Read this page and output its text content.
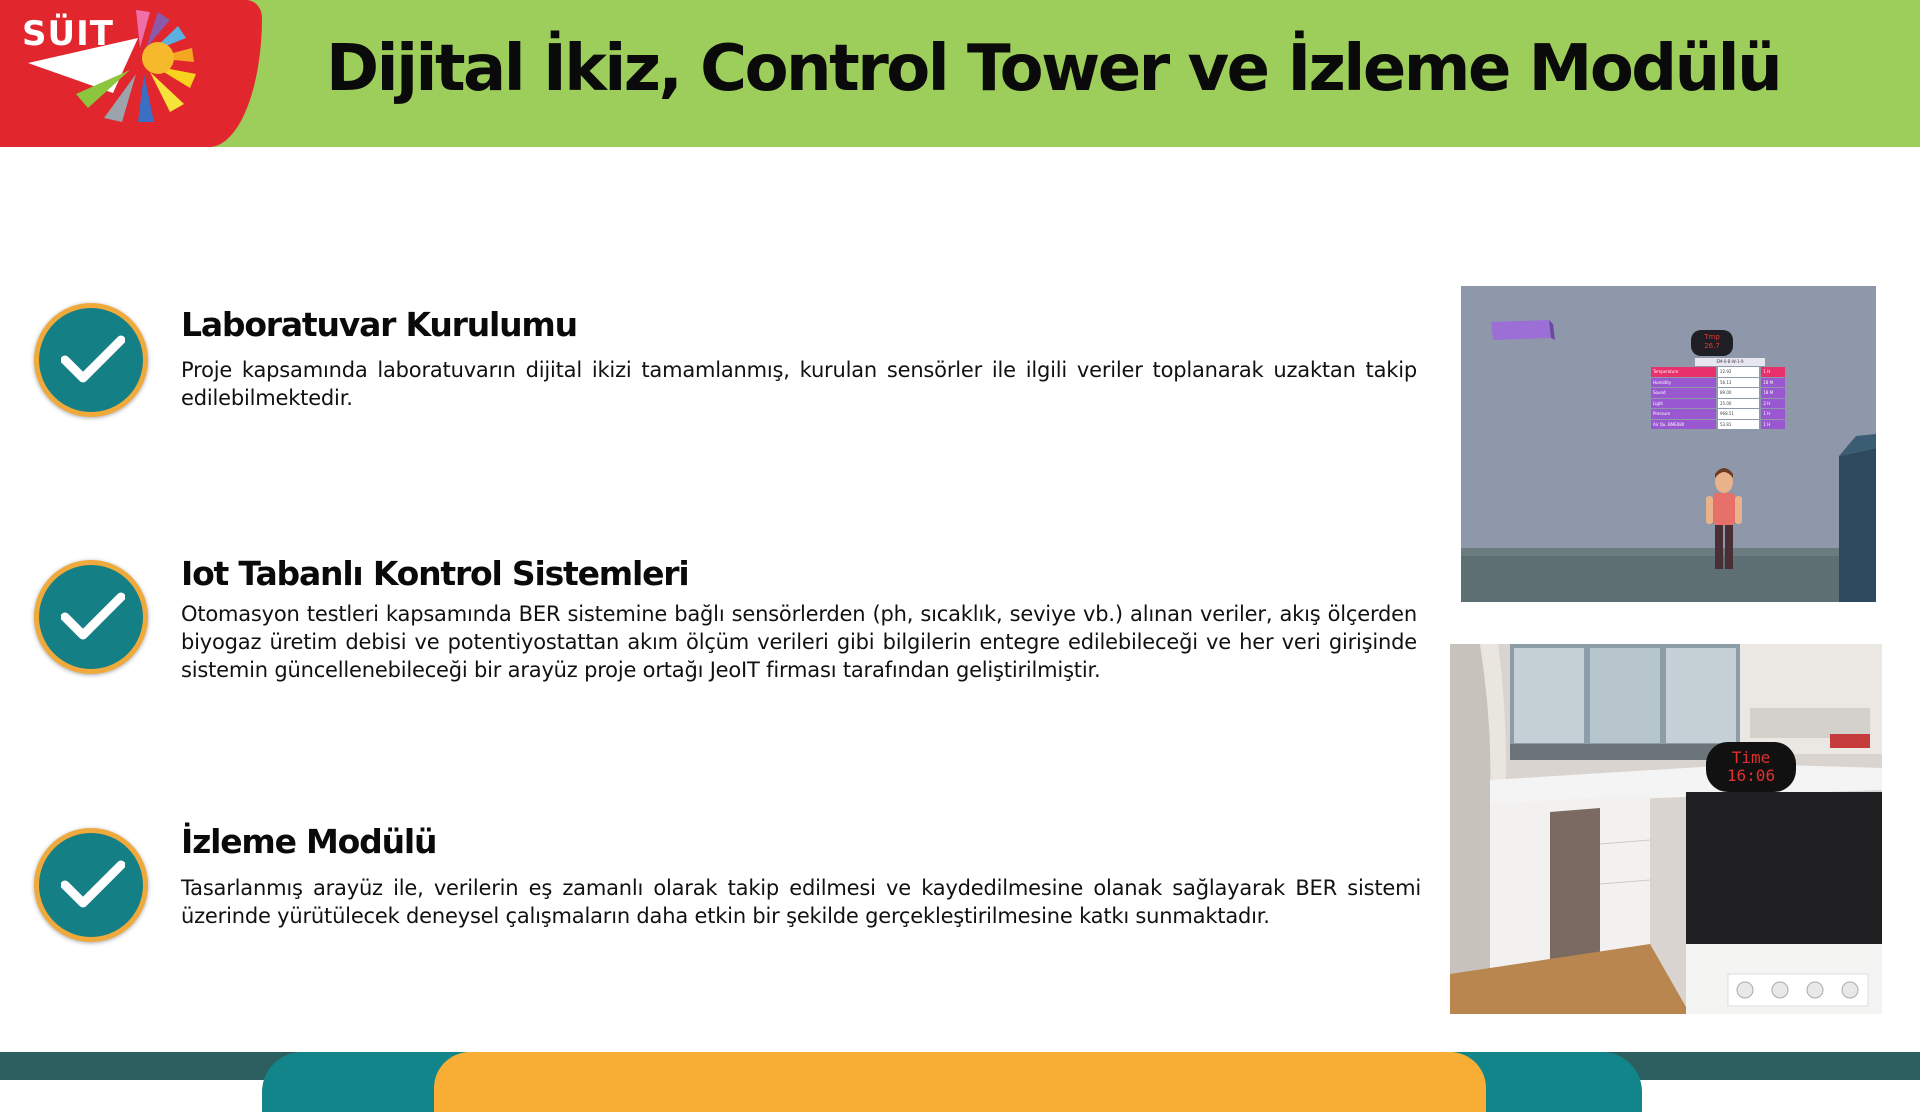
SÜIT	Dijital İkiz, Control Tower ve İzleme Modülü
Laboratuvar Kurulumu
Proje kapsamında laboratuvarın dijital ikizi tamamlanmış, kurulan sensörler ile ilgili veriler toplanarak uzaktan takip edilebilmektedir.
Iot Tabanlı Kontrol Sistemleri
Otomasyon testleri kapsamında BER sistemine bağlı sensörlerden (ph, sıcaklık, seviye vb.) alınan veriler, akış ölçerden biyogaz üretim debisi ve potentiyostattan akım ölçüm verileri gibi bilgilerin entegre edilebileceği ve her veri girişinde sistemin güncellenebileceği bir arayüz proje ortağı JeoIT firması tarafından geliştirilmiştir.
İzleme Modülü
Tasarlanmış arayüz ile, verilerin eş zamanlı olarak takip edilmesi ve kaydedilmesine olanak sağlayarak BER sistemi üzerinde yürütülecek deneysel çalışmaların daha etkin bir şekilde gerçekleştirilmesine katkı sunmaktadır.
Tmp
26.7
EM-0-B-W-1-9
Temperature	22.92	1 H
Humidity	56.13	18 M
Sound	89.00	18 M
Light	25.00	2 H
Pressure	968.51	1 H
Air Qu. BME680	53.81	1 H
Time
16:06
